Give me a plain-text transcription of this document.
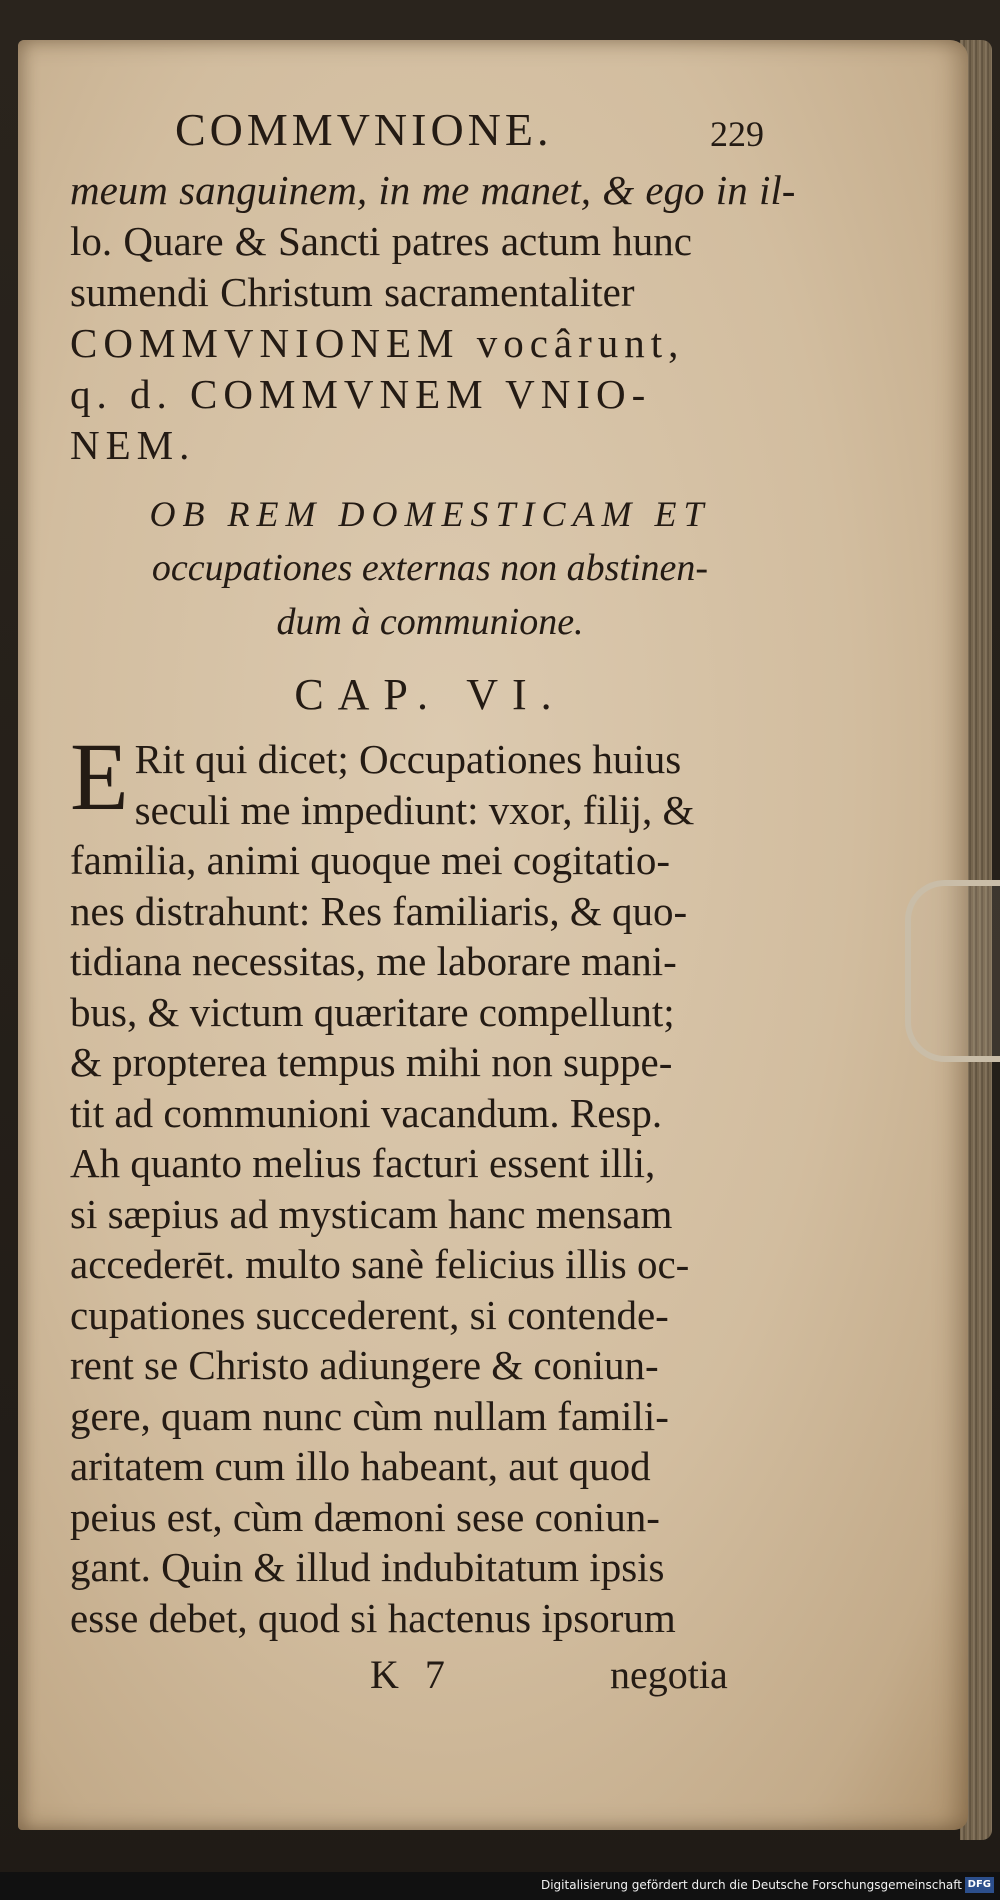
COMMVNIONE.	229
meum sanguinem, in me manet, & ego in il-
lo. Quare & Sancti patres actum hunc
sumendi Christum sacramentaliter
COMMVNIONEM vocârunt,
q. d. COMMVNEM VNIO-
NEM.
OB REM DOMESTICAM ET
occupationes externas non abstinen-
dum à communione.
CAP. VI.
E Rit qui dicet; Occupationes huius
seculi me impediunt: vxor, filij, &
familia, animi quoque mei cogitatio-
nes distrahunt: Res familiaris, & quo-
tidiana necessitas, me laborare mani-
bus, & victum quæritare compellunt;
& propterea tempus mihi non suppe-
tit ad communioni vacandum. Resp.
Ah quanto melius facturi essent illi,
si sæpius ad mysticam hanc mensam
accederēt. multo sanè felicius illis oc-
cupationes succederent, si contende-
rent se Christo adiungere & coniun-
gere, quam nunc cùm nullam famili-
aritatem cum illo habeant, aut quod
peius est, cùm dæmoni sese coniun-
gant. Quin & illud indubitatum ipsis
esse debet, quod si hactenus ipsorum
K 7	negotia
Digitalisierung gefördert durch die Deutsche Forschungsgemeinschaft DFG
